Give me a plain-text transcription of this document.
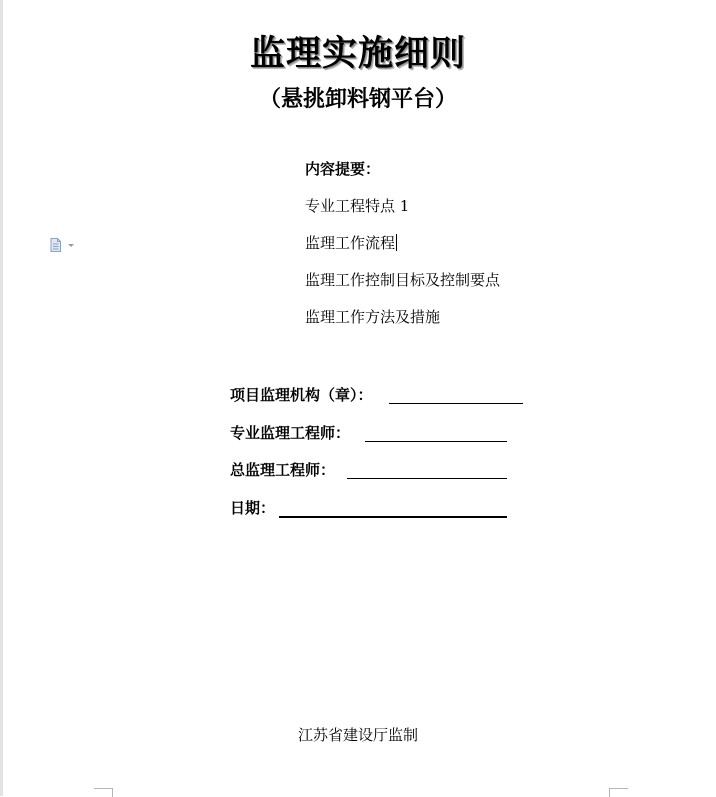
监理实施细则
（悬挑卸料钢平台）
内容提要：
专业工程特点 1
监理工作流程
监理工作控制目标及控制要点
监理工作方法及措施
项目监理机构（章）：
专业监理工程师：
总监理工程师：
日期：
江苏省建设厅监制
